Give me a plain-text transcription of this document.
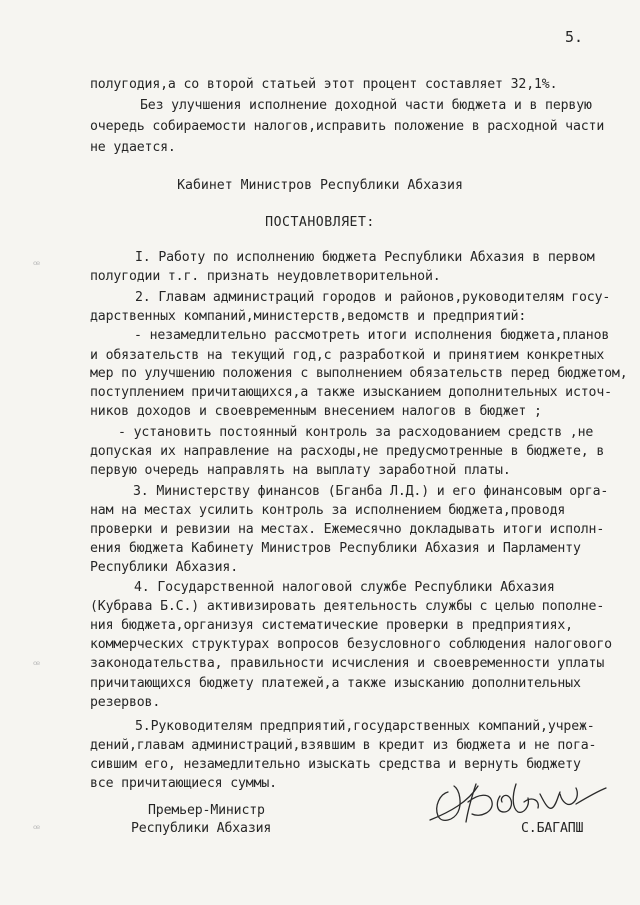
5.
ꟹ
ꟹ
ꟹ
полугодия,а со второй статьей этот процент составляет 32,1%.
Без улучшения исполнение доходной части бюджета и в первую
очередь собираемости налогов,исправить положение в расходной части
не удается.
Кабинет Министров Республики Абхазия
ПОСТАНОВЛЯЕТ:
I. Работу по исполнению бюджета Республики Абхазия в первом
полугодии т.г. признать неудовлетворительной.
2. Главам администраций городов и районов,руководителям госу-
дарственных компаний,министерств,ведомств и предприятий:
- незамедлительно рассмотреть итоги исполнения бюджета,планов
и обязательств на текущий год,с разработкой и принятием конкретных
мер по улучшению положения с выполнением обязательств перед бюджетом,
поступлением причитающихся,а также изысканием дополнительных источ-
ников доходов и своевременным внесением налогов в бюджет ;
- установить постоянный контроль за расходованием средств ,не
допуская их направление на расходы,не предусмотренные в бюджете, в
первую очередь направлять на выплату заработной платы.
3. Министерству финансов (Бганба Л.Д.) и его финансовым орга-
нам на местах усилить контроль за исполнением бюджета,проводя
проверки и ревизии на местах. Ежемесячно докладывать итоги исполн-
ения бюджета Кабинету Министров Республики Абхазия и Парламенту
Республики Абхазия.
4. Государственной налоговой службе Республики Абхазия
(Кубрава Б.С.) активизировать деятельность службы с целью пополне-
ния бюджета,организуя систематические проверки в предприятиях,
коммерческих структурах вопросов безусловного соблюдения налогового
законодательства, правильности исчисления и своевременности уплаты
причитающихся бюджету платежей,а также изысканию дополнительных
резервов.
5.Руководителям предприятий,государственных компаний,учреж-
дений,главам администраций,взявшим в кредит из бюджета и не пога-
сившим его, незамедлительно изыскать средства и вернуть бюджету
все причитающиеся суммы.
Премьер-Министр
Республики Абхазия	С.БАГАПШ
